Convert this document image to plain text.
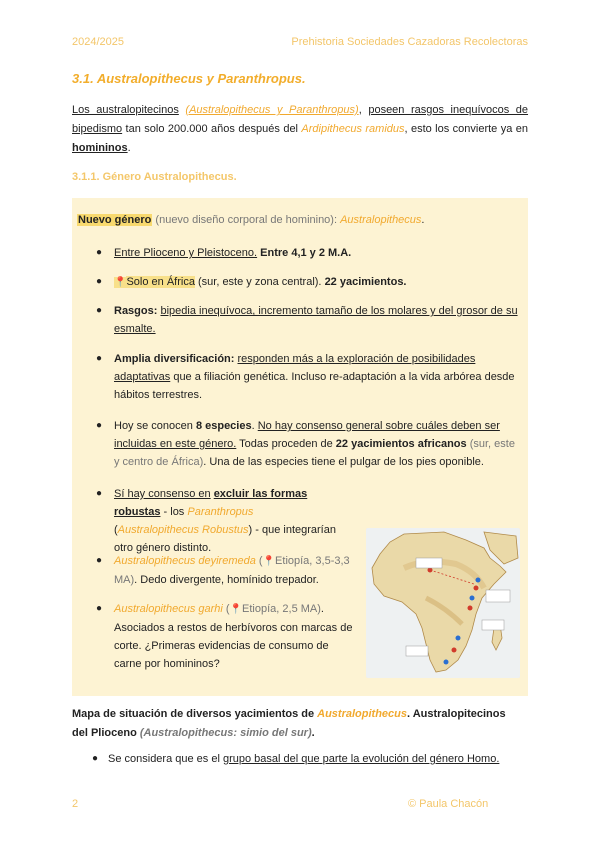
2024/2025	Prehistoria Sociedades Cazadoras Recolectoras
3.1. Australopithecus y Paranthropus.
Los australopitecinos (Australopithecus y Paranthropus), poseen rasgos inequívocos de bipedismo tan solo 200.000 años después del Ardipithecus ramidus, esto los convierte ya en homininos.
3.1.1. Género Australopithecus.
Nuevo género (nuevo diseño corporal de hominino): Australopithecus.
● Entre Plioceno y Pleistoceno. Entre 4,1 y 2 M.A.
● 📍Solo en África (sur, este y zona central). 22 yacimientos.
● Rasgos: bipedia inequívoca, incremento tamaño de los molares y del grosor de su
esmalte.
● Amplia diversificación: responden más a la exploración de posibilidades
adaptativas que a filiación genética. Incluso re-adaptación a la vida arbórea desde
hábitos terrestres.
● Hoy se conocen 8 especies. No hay consenso general sobre cuáles deben ser
incluidas en este género. Todas proceden de 22 yacimientos africanos (sur, este
y centro de África). Una de las especies tiene el pulgar de los pies oponible.
● Sí hay consenso en excluir las formas robustas - los Paranthropus
(Australopithecus Robustus) - que integrarían
otro género distinto.
● Australopithecus deyiremeda (📍Etiopía, 3,5-3,3
MA). Dedo divergente, homínido trepador.
● Australopithecus garhi (📍Etiopía, 2,5 MA).
Asociados a restos de herbívoros con marcas de
corte. ¿Primeras evidencias de consumo de
carne por homininos?
Mapa de situación de diversos yacimientos de Australopithecus. Australopitecinos
del Plioceno (Australopithecus: simio del sur).
● Se considera que es el grupo basal del que parte la evolución del género Homo.
2	© Paula Chacón
